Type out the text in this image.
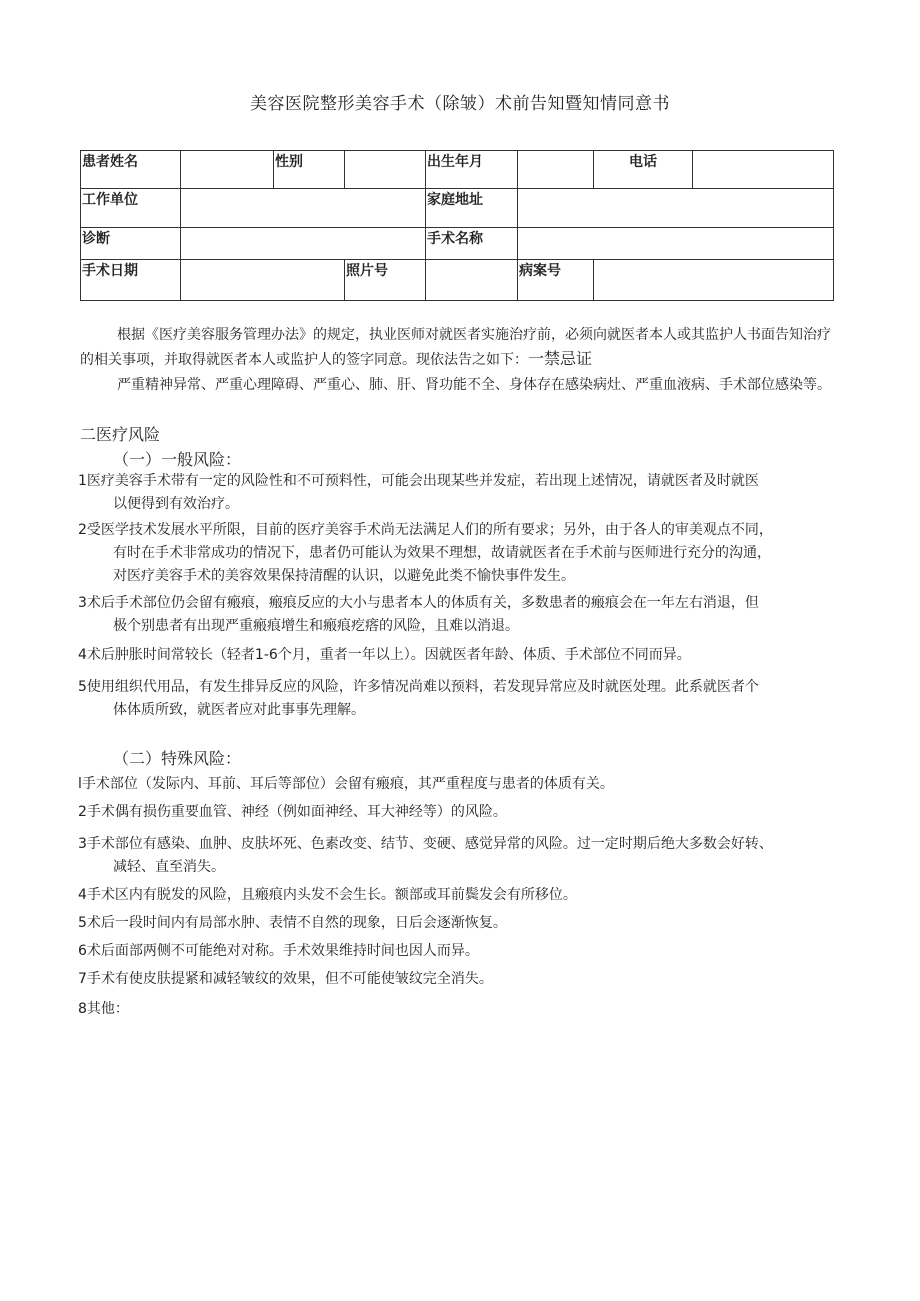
美容医院整形美容手术（除皱）术前告知暨知情同意书
患者姓名		性别		出生年月		电话	
工作单位				家庭地址			
诊断				手术名称			
手术日期			照片号		病案号		
根据《医疗美容服务管理办法》的规定，执业医师对就医者实施治疗前，必须向就医者本人或其监护人书面告知治疗的相关事项，并取得就医者本人或监护人的签字同意。现依法告之如下：一禁忌证
严重精神异常、严重心理障碍、严重心、肺、肝、肾功能不全、身体存在感染病灶、严重血液病、手术部位感染等。
二医疗风险
（一）一般风险：
1医疗美容手术带有一定的风险性和不可预料性，可能会出现某些并发症，若出现上述情况，请就医者及时就医
以便得到有效治疗。
2受医学技术发展水平所限，目前的医疗美容手术尚无法满足人们的所有要求；另外，由于各人的审美观点不同，
有时在手术非常成功的情况下，患者仍可能认为效果不理想，故请就医者在手术前与医师进行充分的沟通，
对医疗美容手术的美容效果保持清醒的认识，以避免此类不愉快事件发生。
3术后手术部位仍会留有瘢痕，瘢痕反应的大小与患者本人的体质有关，多数患者的瘢痕会在一年左右消退，但
极个别患者有出现严重瘢痕增生和瘢痕疙瘩的风险，且难以消退。
4术后肿胀时间常较长（轻者1-6个月，重者一年以上）。因就医者年龄、体质、手术部位不同而异。
5使用组织代用品，有发生排异反应的风险，许多情况尚难以预料，若发现异常应及时就医处理。此系就医者个
体体质所致，就医者应对此事事先理解。
（二）特殊风险：
l手术部位（发际内、耳前、耳后等部位）会留有瘢痕，其严重程度与患者的体质有关。
2手术偶有损伤重要血管、神经（例如面神经、耳大神经等）的风险。
3手术部位有感染、血肿、皮肤坏死、色素改变、结节、变硬、感觉异常的风险。过一定时期后绝大多数会好转、
减轻、直至消失。
4手术区内有脱发的风险，且瘢痕内头发不会生长。额部或耳前鬓发会有所移位。
5术后一段时间内有局部水肿、表情不自然的现象，日后会逐渐恢复。
6术后面部两侧不可能绝对对称。手术效果维持时间也因人而异。
7手术有使皮肤提紧和减轻皱纹的效果，但不可能使皱纹完全消失。
8其他：
